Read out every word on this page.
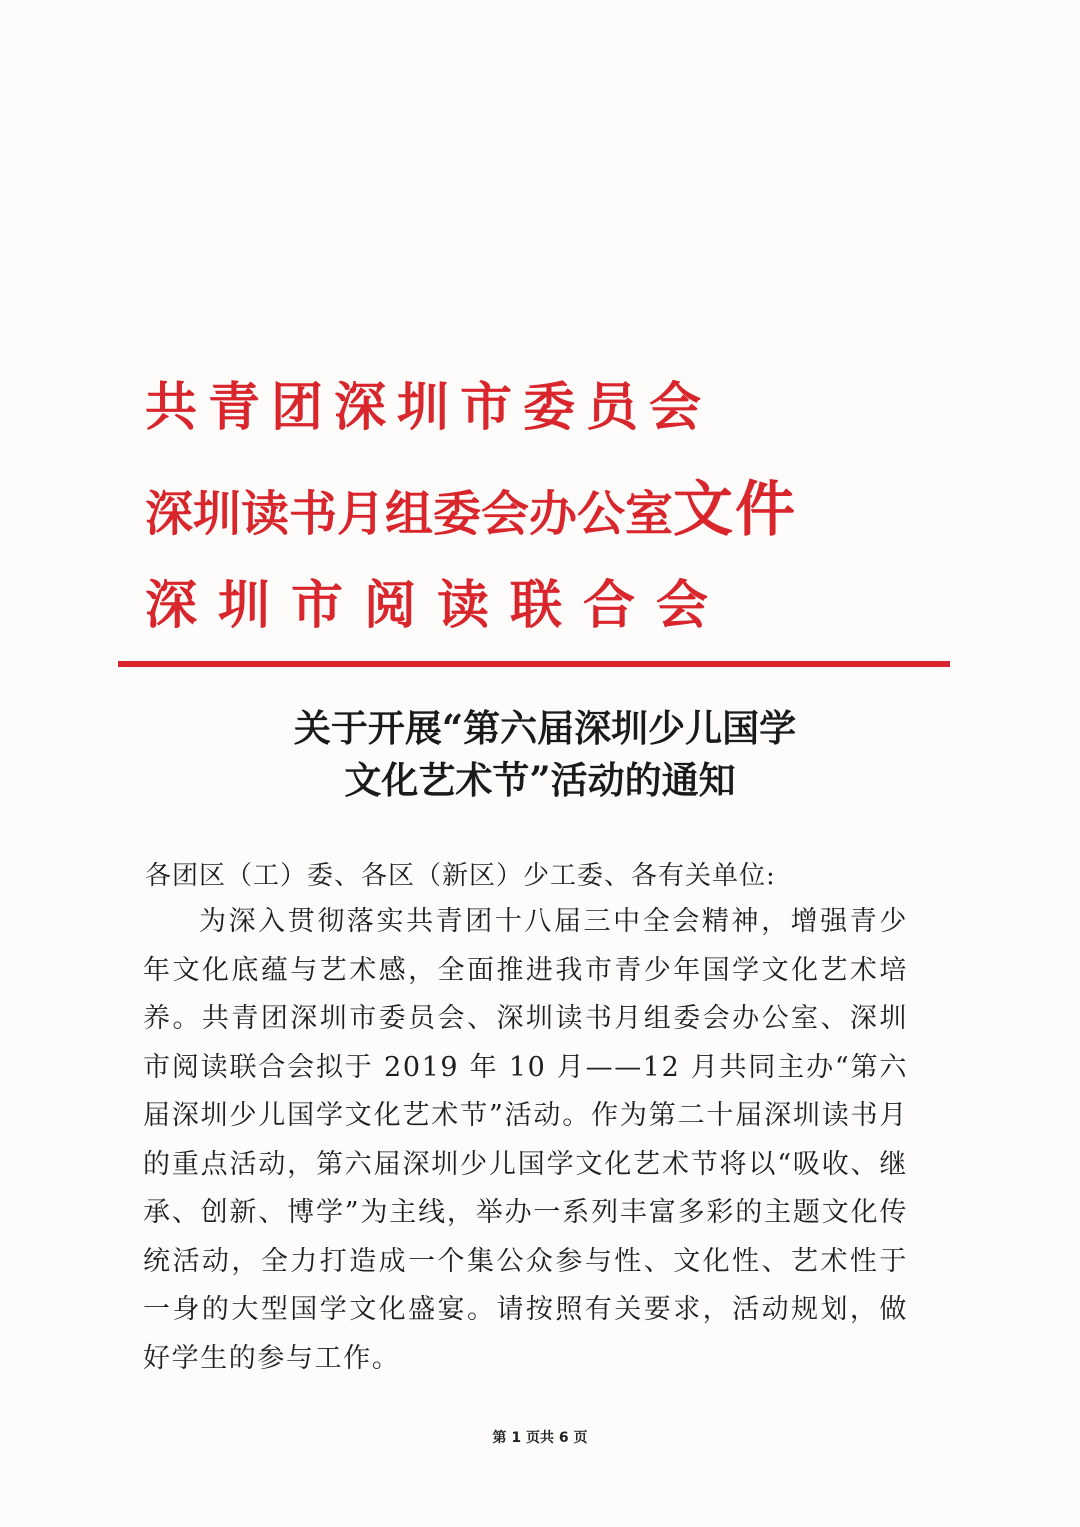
共青团深圳市委员会
深圳读书月组委会办公室文件
深圳市阅读联合会
关于开展“第六届深圳少儿国学
文化艺术节”活动的通知

各团区（工）委、各区（新区）少工委、各有关单位:

为深入贯彻落实共青团十八届三中全会精神，增强青少年文化底蕴与艺术感，全面推进我市青少年国学文化艺术培养。共青团深圳市委员会、深圳读书月组委会办公室、深圳市阅读联合会拟于 2019 年 10 月——12 月共同主办“第六届深圳少儿国学文化艺术节”活动。作为第二十届深圳读书月的重点活动，第六届深圳少儿国学文化艺术节将以“吸收、继承、创新、博学”为主线，举办一系列丰富多彩的主题文化传统活动，全力打造成一个集公众参与性、文化性、艺术性于一身的大型国学文化盛宴。请按照有关要求，活动规划，做好学生的参与工作。

第 1 页共 6 页
